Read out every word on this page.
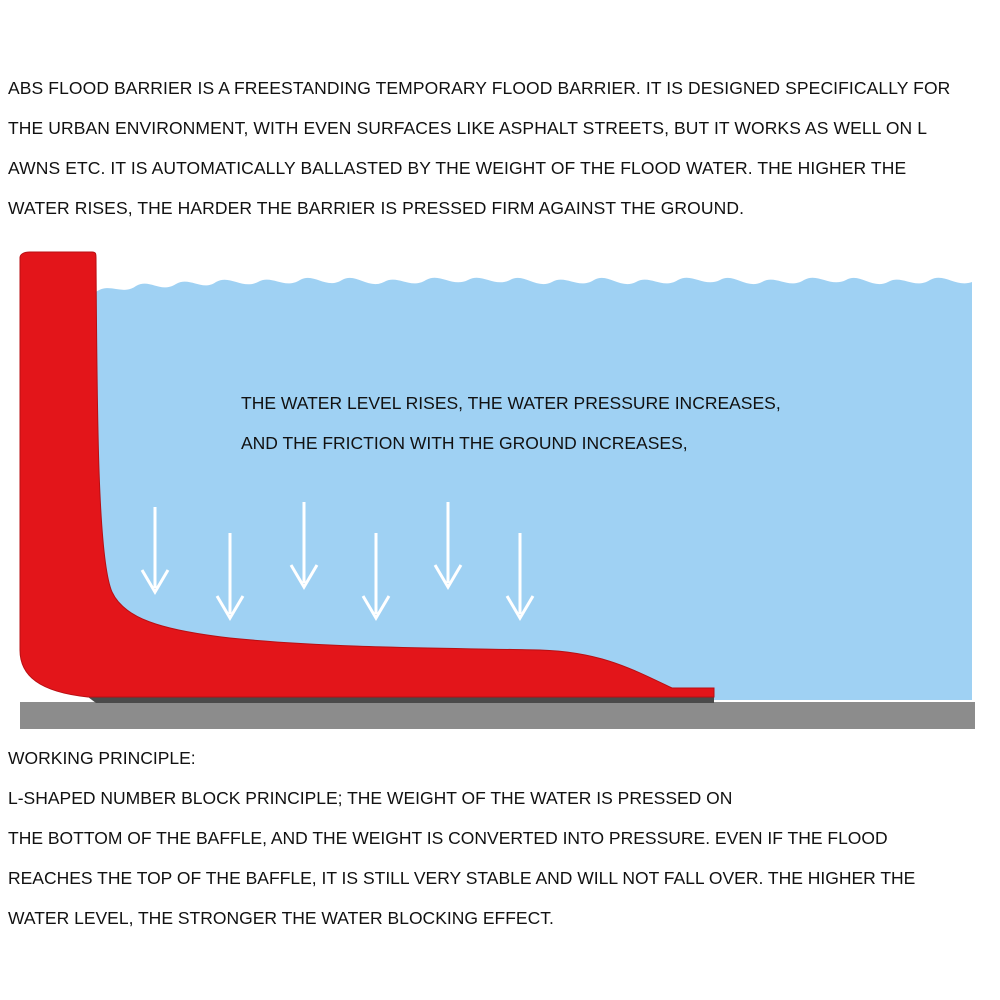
ABS FLOOD BARRIER IS A FREESTANDING TEMPORARY FLOOD BARRIER. IT IS DESIGNED SPECIFICALLY FOR
THE URBAN ENVIRONMENT, WITH EVEN SURFACES LIKE ASPHALT STREETS, BUT IT WORKS AS WELL ON L
AWNS ETC. IT IS AUTOMATICALLY BALLASTED BY THE WEIGHT OF THE FLOOD WATER. THE HIGHER THE
WATER RISES, THE HARDER THE BARRIER IS PRESSED FIRM AGAINST THE GROUND.
THE WATER LEVEL RISES, THE WATER PRESSURE INCREASES,
AND THE FRICTION WITH THE GROUND INCREASES,
WORKING PRINCIPLE:
L-SHAPED NUMBER BLOCK PRINCIPLE; THE WEIGHT OF THE WATER IS PRESSED ON
THE BOTTOM OF THE BAFFLE, AND THE WEIGHT IS CONVERTED INTO PRESSURE. EVEN IF THE FLOOD
REACHES THE TOP OF THE BAFFLE, IT IS STILL VERY STABLE AND WILL NOT FALL OVER. THE HIGHER THE
WATER LEVEL, THE STRONGER THE WATER BLOCKING EFFECT.
